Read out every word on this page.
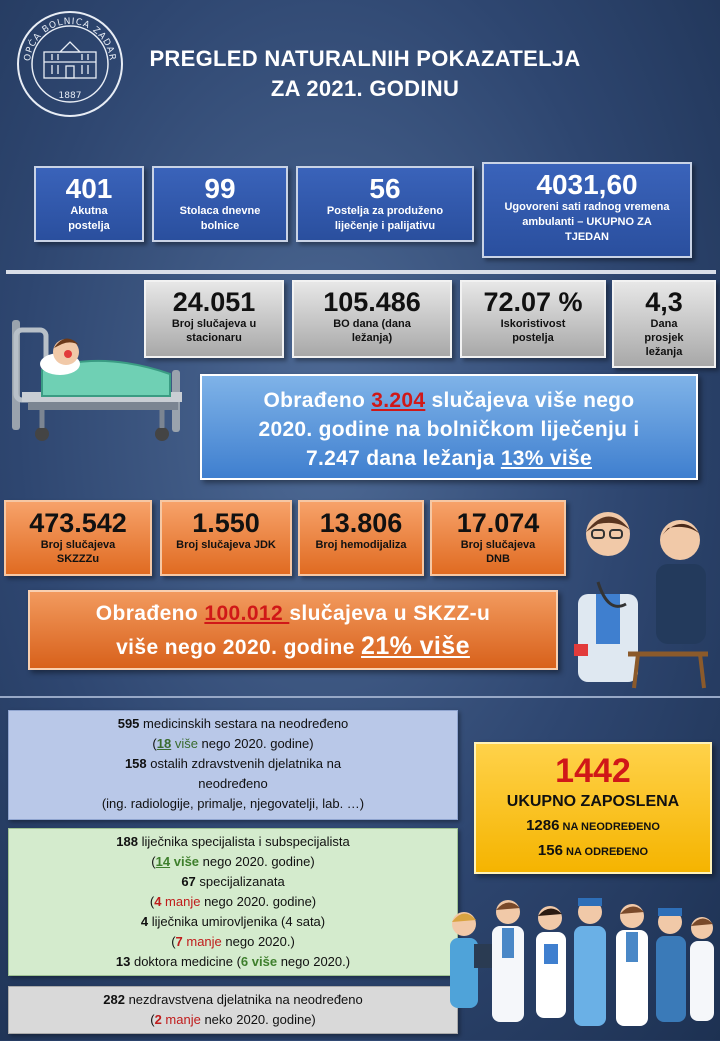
OPĆA BOLNICA ZADAR
1887
PREGLED NATURALNIH POKAZATELJA
ZA 2021. GODINU
401
Akutna postelja
99
Stolaca dnevne bolnice
56
Postelja za produženo liječenje i palijativu
4031,60
Ugovoreni sati radnog vremena ambulanti – UKUPNO ZA TJEDAN
24.051
Broj slučajeva u stacionaru
105.486
BO dana (dana ležanja)
72.07 %
Iskoristivost postelja
4,3
Dana prosjek ležanja
Obrađeno 3.204 slučajeva više nego
2020. godine na bolničkom liječenju i
7.247 dana ležanja 13% više
473.542
Broj slučajeva SKZZZu
1.550
Broj slučajeva JDK
13.806
Broj hemodijaliza
17.074
Broj slučajeva DNB
Obrađeno 100.012 slučajeva u SKZZ-u
više nego 2020. godine 21% više
595 medicinskih sestara na neodređeno
(18 više nego 2020. godine)
158 ostalih zdravstvenih djelatnika na
neodređeno
(ing. radiologije, primalje, njegovatelji, lab. …)
188 liječnika specijalista i subspecijalista
(14 više nego 2020. godine)
67 specijalizanata
(4 manje nego 2020. godine)
4 liječnika umirovljenika (4 sata)
(7 manje nego 2020.)
13 doktora medicine (6 više nego 2020.)
282 nezdravstvena djelatnika na neodređeno
(2 manje neko 2020. godine)
1442
UKUPNO ZAPOSLENA
1286 NA NEODREĐENO
156 NA ODREĐENO
